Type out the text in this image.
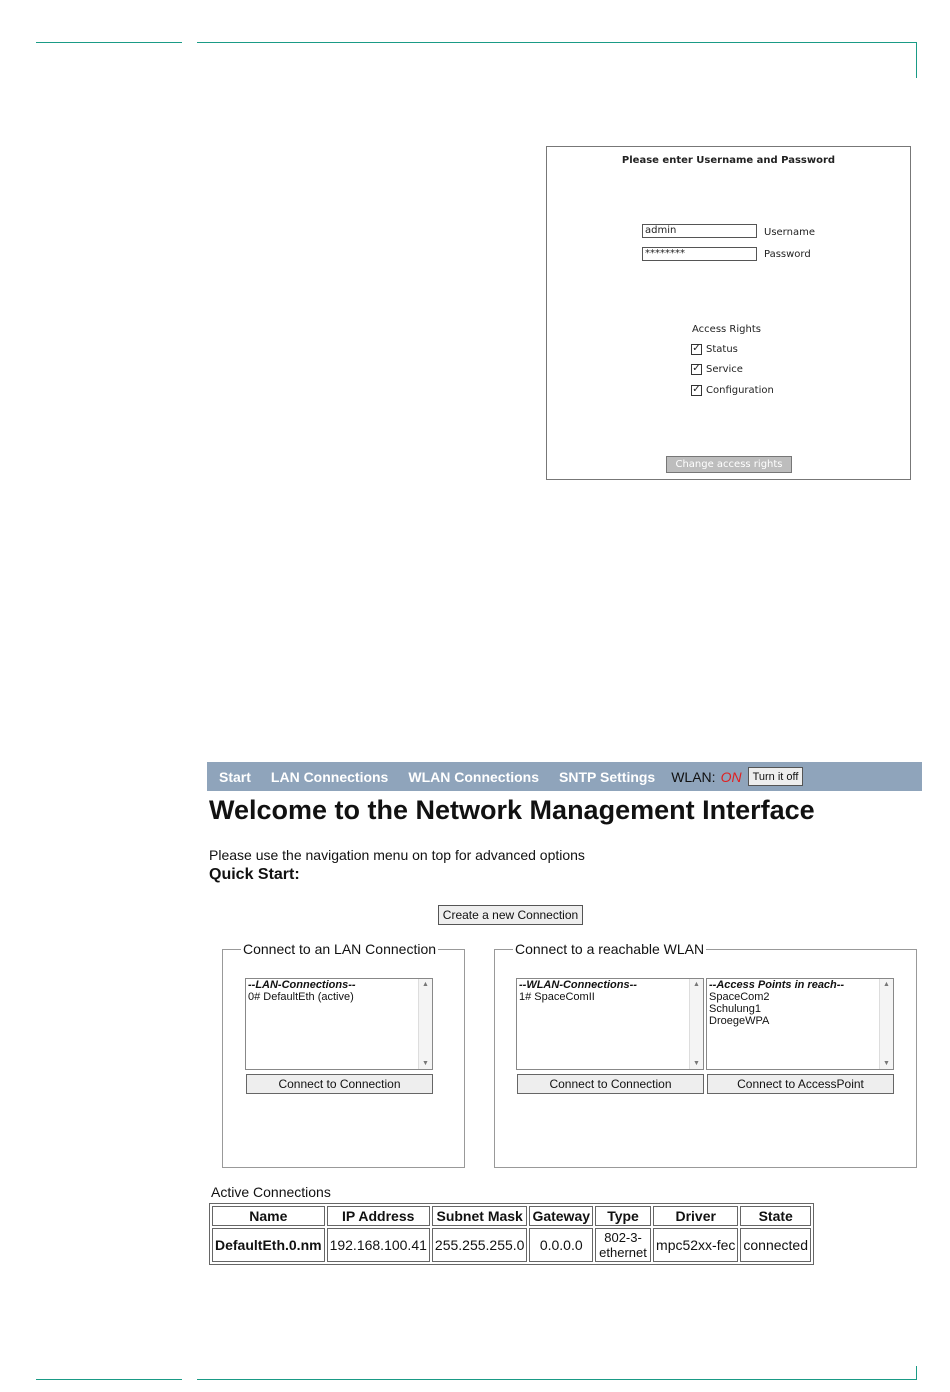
Please enter Username and Password
admin	Username
********	Password
Access Rights
✓ Status
✓ Service
✓ Configuration
Change access rights
Start LAN Connections WLAN Connections SNTP Settings WLAN: ON	Turn it off
Welcome to the Network Management Interface
Please use the navigation menu on top for advanced options
Quick Start:
Create a new Connection
Connect to an LAN Connection
--LAN-Connections--
0# DefaultEth (active)
▲
▼
Connect to Connection
Connect to a reachable WLAN
--WLAN-Connections--
1# SpaceComII
▲
▼
--Access Points in reach--
SpaceCom2
Schulung1
DroegeWPA
▲
▼
Connect to Connection	Connect to AccessPoint
Active Connections
Name	IP Address	Subnet Mask	Gateway	Type	Driver	State
DefaultEth.0.nm	192.168.100.41	255.255.255.0	0.0.0.0	802-3-ethernet	mpc52xx-fec	connected
